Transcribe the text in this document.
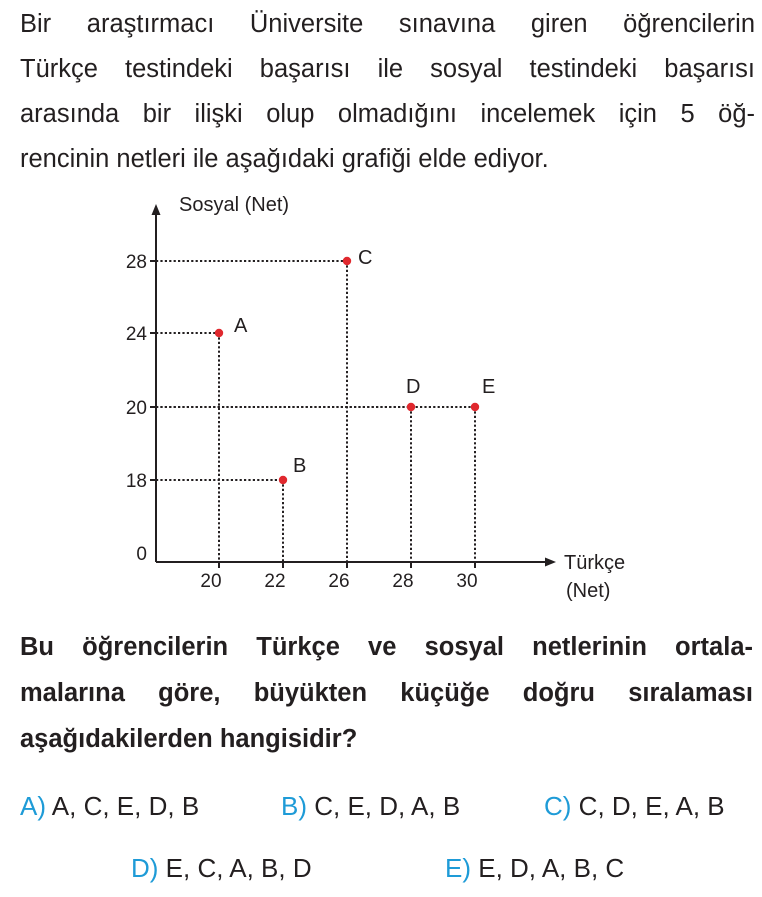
Bir araştırmacı Üniversite sınavına giren öğrencilerin
Türkçe testindeki başarısı ile sosyal testindeki başarısı
arasında bir ilişki olup olmadığını incelemek için 5 öğ-
rencinin netleri ile aşağıdaki grafiği elde ediyor.
0
18
20
24
28
20 22 26 28 30
Sosyal (Net)
Türkçe
(Net)
A
B
C
D	E
Bu öğrencilerin Türkçe ve sosyal netlerinin ortala-
malarına göre, büyükten küçüğe doğru sıralaması
aşağıdakilerden hangisidir?
A) A, C, E, D, B	B) C, E, D, A, B	C) C, D, E, A, B
D) E, C, A, B, D	E) E, D, A, B, C
